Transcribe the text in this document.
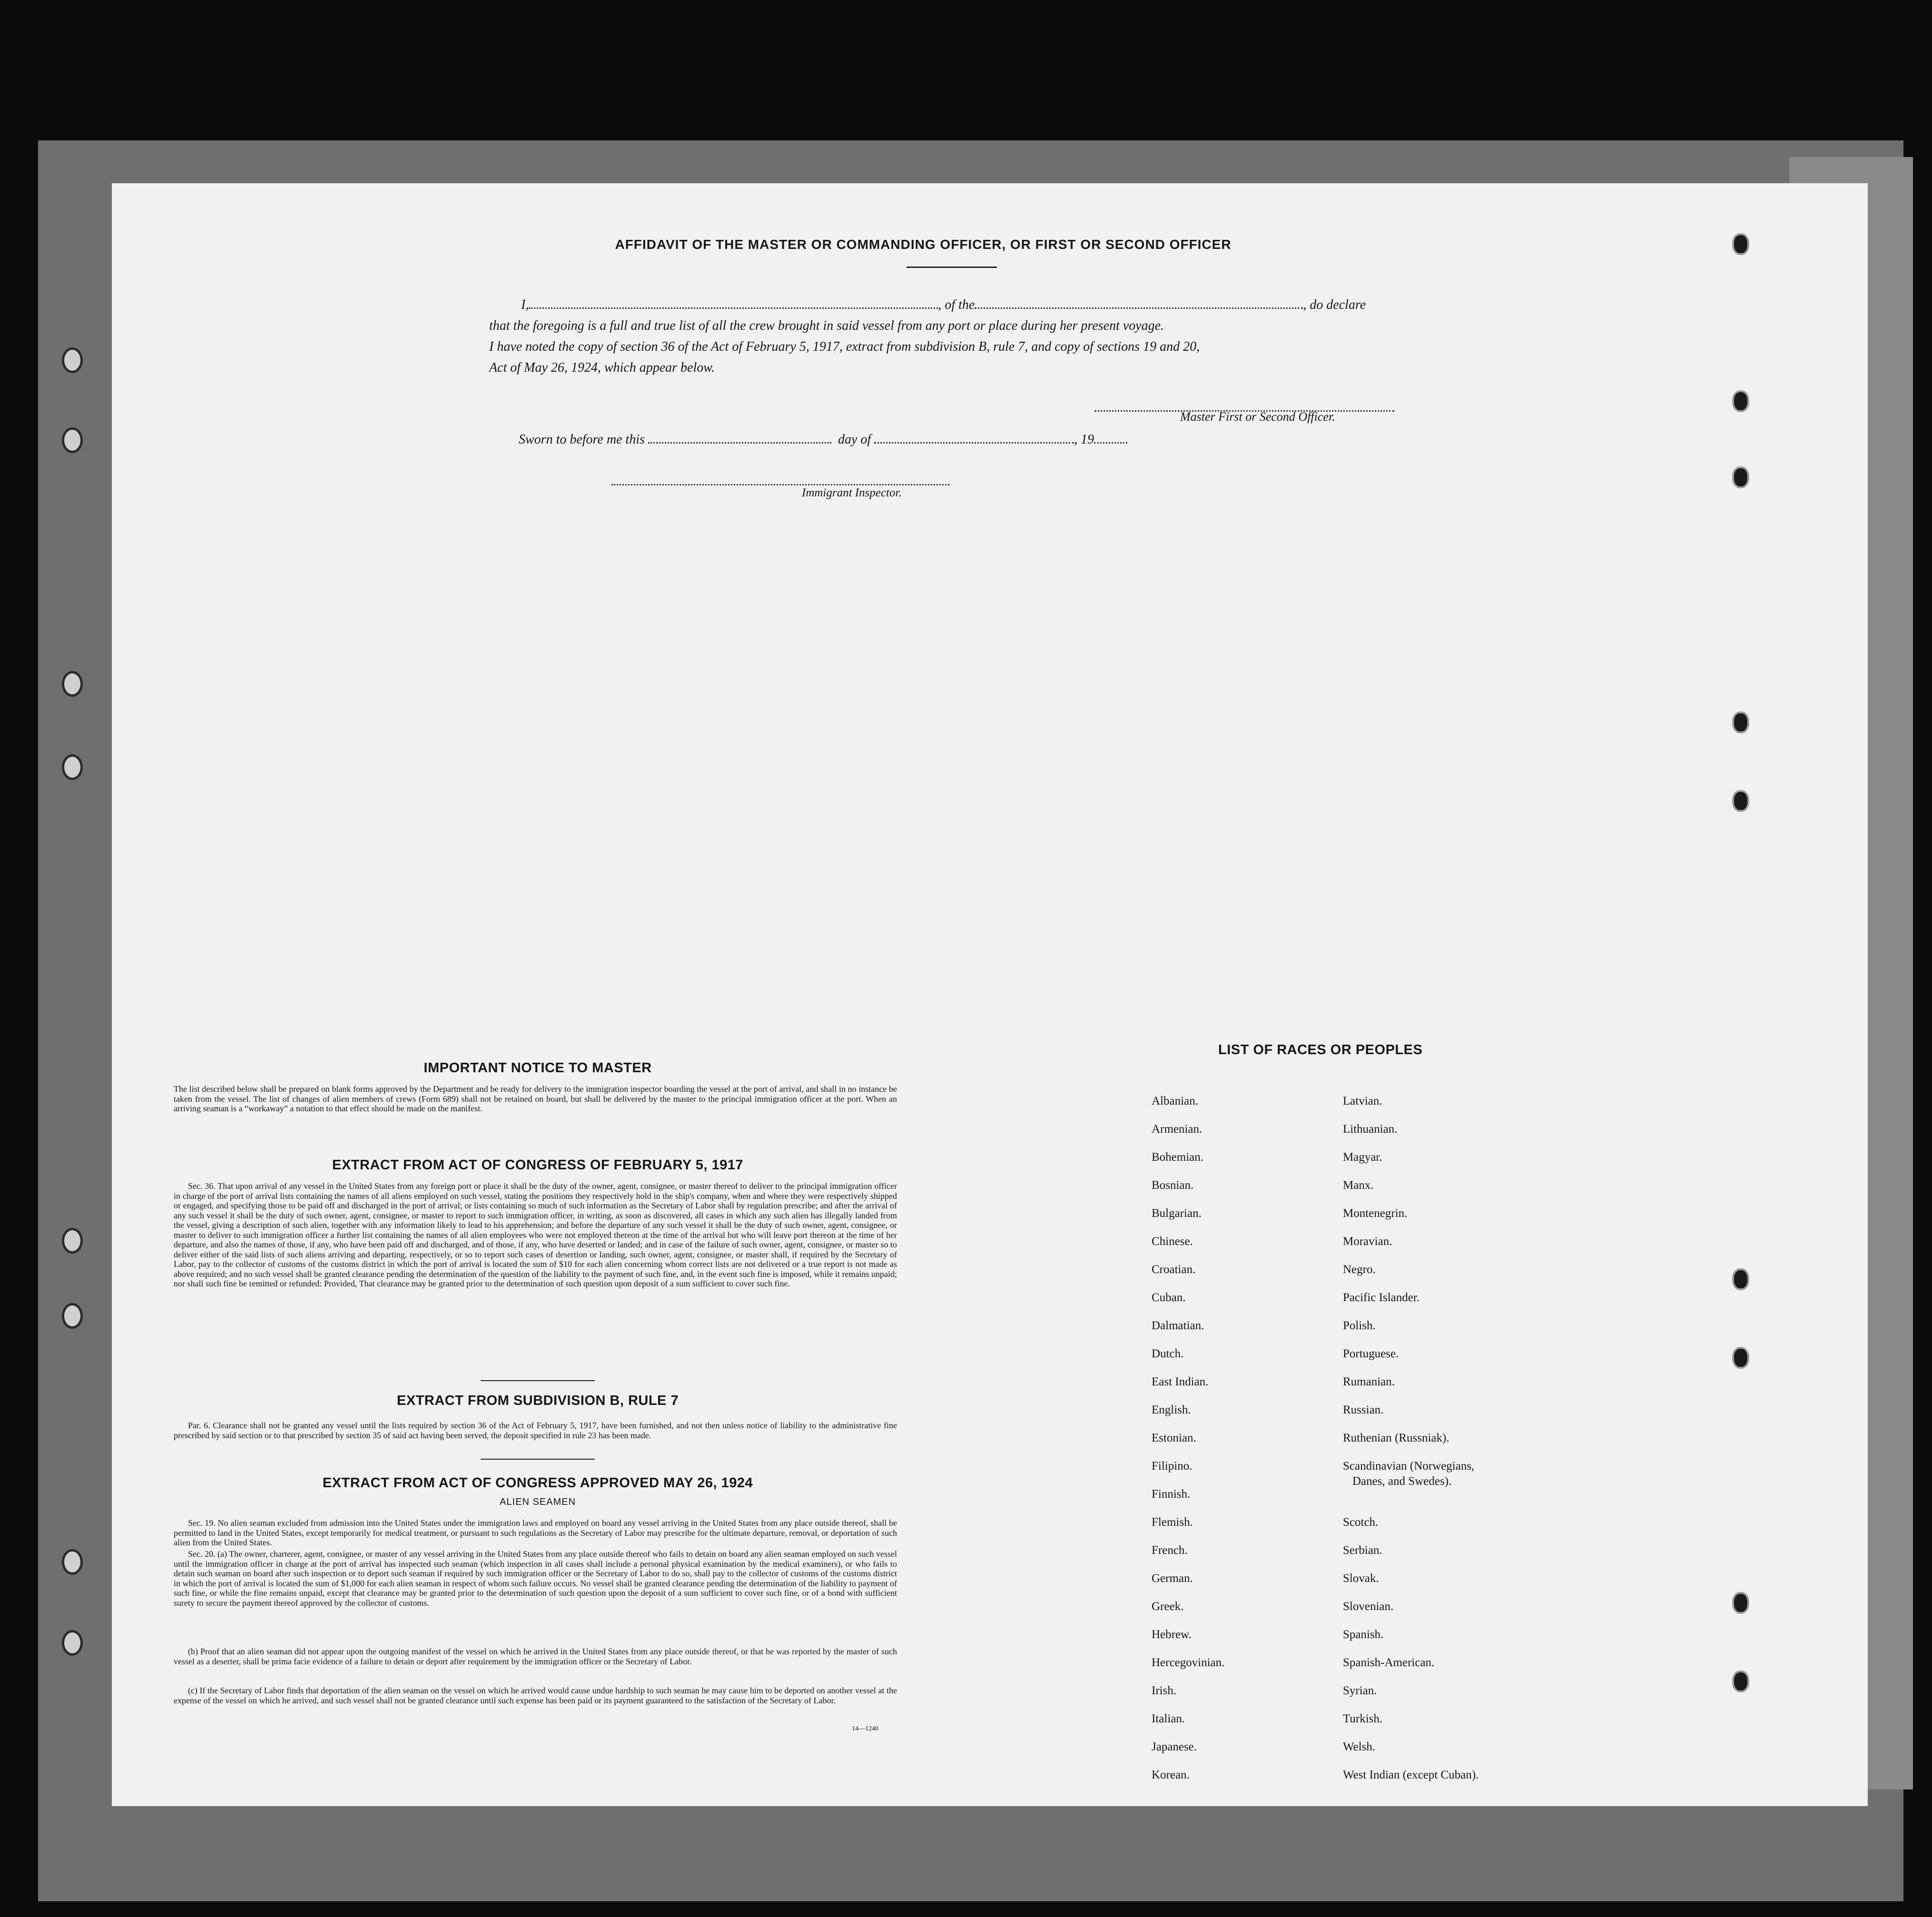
AFFIDAVIT OF THE MASTER OR COMMANDING OFFICER, OR FIRST OR SECOND OFFICER
I,	, of the	, do declare
that the foregoing is a full and true list of all the crew brought in said vessel from any port or place during her present voyage.
I have noted the copy of section 36 of the Act of February 5, 1917, extract from subdivision B, rule 7, and copy of sections 19 and 20,
Act of May 26, 1924, which appear below.
Master First or Second Officer.
Sworn to before me this	day of	, 19
Immigrant Inspector.
IMPORTANT NOTICE TO MASTER
The list described below shall be prepared on blank forms approved by the Department and be ready for delivery to the immigration inspector boarding the vessel at the port of arrival, and shall in no instance be taken from the vessel. The list of changes of alien members of crews (Form 689) shall not be retained on board, but shall be delivered by the master to the principal immigration officer at the port. When an arriving seaman is a “workaway” a notation to that effect should be made on the manifest.
EXTRACT FROM ACT OF CONGRESS OF FEBRUARY 5, 1917
Sec. 36. That upon arrival of any vessel in the United States from any foreign port or place it shall be the duty of the owner, agent, consignee, or master thereof to deliver to the principal immigration officer in charge of the port of arrival lists containing the names of all aliens employed on such vessel, stating the positions they respectively hold in the ship's company, when and where they were respectively shipped or engaged, and specifying those to be paid off and discharged in the port of arrival; or lists containing so much of such information as the Secretary of Labor shall by regulation prescribe; and after the arrival of any such vessel it shall be the duty of such owner, agent, consignee, or master to report to such immigration officer, in writing, as soon as discovered, all cases in which any such alien has illegally landed from the vessel, giving a description of such alien, together with any information likely to lead to his apprehension; and before the departure of any such vessel it shall be the duty of such owner, agent, consignee, or master to deliver to such immigration officer a further list containing the names of all alien employees who were not employed thereon at the time of the arrival but who will leave port thereon at the time of her departure, and also the names of those, if any, who have been paid off and discharged, and of those, if any, who have deserted or landed; and in case of the failure of such owner, agent, consignee, or master so to deliver either of the said lists of such aliens arriving and departing, respectively, or so to report such cases of desertion or landing, such owner, agent, consignee, or master shall, if required by the Secretary of Labor, pay to the collector of customs of the customs district in which the port of arrival is located the sum of $10 for each alien concerning whom correct lists are not delivered or a true report is not made as above required; and no such vessel shall be granted clearance pending the determination of the question of the liability to the payment of such fine, and, in the event such fine is imposed, while it remains unpaid; nor shall such fine be remitted or refunded: Provided, That clearance may be granted prior to the determination of such question upon deposit of a sum sufficient to cover such fine.
EXTRACT FROM SUBDIVISION B, RULE 7
Par. 6. Clearance shall not be granted any vessel until the lists required by section 36 of the Act of February 5, 1917, have been furnished, and not then unless notice of liability to the administrative fine prescribed by said section or to that prescribed by section 35 of said act having been served, the deposit specified in rule 23 has been made.
EXTRACT FROM ACT OF CONGRESS APPROVED MAY 26, 1924
ALIEN SEAMEN
Sec. 19. No alien seaman excluded from admission into the United States under the immigration laws and employed on board any vessel arriving in the United States from any place outside thereof, shall be permitted to land in the United States, except temporarily for medical treatment, or pursuant to such regulations as the Secretary of Labor may prescribe for the ultimate departure, removal, or deportation of such alien from the United States.
Sec. 20. (a) The owner, charterer, agent, consignee, or master of any vessel arriving in the United States from any place outside thereof who fails to detain on board any alien seaman employed on such vessel until the immigration officer in charge at the port of arrival has inspected such seaman (which inspection in all cases shall include a personal physical examination by the medical examiners), or who fails to detain such seaman on board after such inspection or to deport such seaman if required by such immigration officer or the Secretary of Labor to do so, shall pay to the collector of customs of the customs district in which the port of arrival is located the sum of $1,000 for each alien seaman in respect of whom such failure occurs. No vessel shall be granted clearance pending the determination of the liability to payment of such fine, or while the fine remains unpaid, except that clearance may be granted prior to the determination of such question upon the deposit of a sum sufficient to cover such fine, or of a bond with sufficient surety to secure the payment thereof approved by the collector of customs.
(b) Proof that an alien seaman did not appear upon the outgoing manifest of the vessel on which he arrived in the United States from any place outside thereof, or that he was reported by the master of such vessel as a deserter, shall be prima facie evidence of a failure to detain or deport after requirement by the immigration officer or the Secretary of Labor.
(c) If the Secretary of Labor finds that deportation of the alien seaman on the vessel on which he arrived would cause undue hardship to such seaman he may cause him to be deported on another vessel at the expense of the vessel on which he arrived, and such vessel shall not be granted clearance until such expense has been paid or its payment guaranteed to the satisfaction of the Secretary of Labor.
14—1240
LIST OF RACES OR PEOPLES
Albanian.
Armenian.
Bohemian.
Bosnian.
Bulgarian.
Chinese.
Croatian.
Cuban.
Dalmatian.
Dutch.
East Indian.
English.
Estonian.
Filipino.
Finnish.
Flemish.
French.
German.
Greek.
Hebrew.
Hercegovinian.
Irish.
Italian.
Japanese.
Korean.
Latvian.
Lithuanian.
Magyar.
Manx.
Montenegrin.
Moravian.
Negro.
Pacific Islander.
Polish.
Portuguese.
Rumanian.
Russian.
Ruthenian (Russniak).
Scandinavian (Norwegians,
Danes, and Swedes).
Scotch.
Serbian.
Slovak.
Slovenian.
Spanish.
Spanish-American.
Syrian.
Turkish.
Welsh.
West Indian (except Cuban).
